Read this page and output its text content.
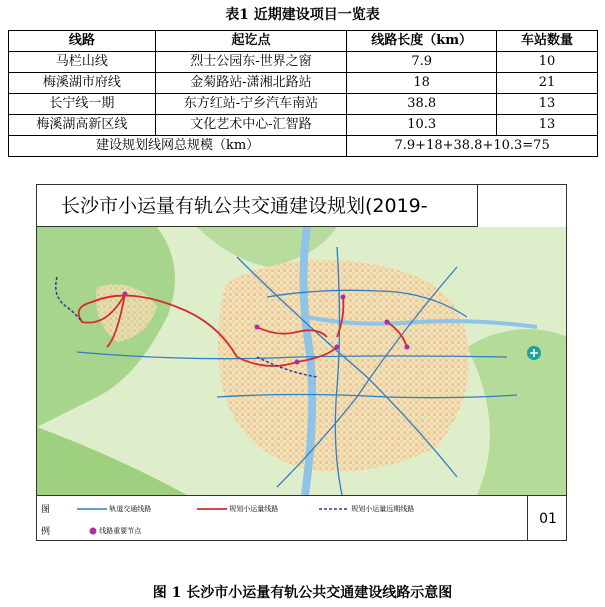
表1 近期建设项目一览表
线路	起讫点	线路长度（km）	车站数量
马栏山线	烈士公园东-世界之窗	7.9	10
梅溪湖市府线	金菊路站-潇湘北路站	18	21
长宁线一期	东方红站-宁乡汽车南站	38.8	13
梅溪湖高新区线	文化艺术中心-汇智路	10.3	13
建设规划线网总规模（km）		7.9+18+38.8+10.3=75	
长沙市小运量有轨公共交通建设规划(2019-
图
例
轨道交通线路	规划小运量线路	规划小运量远期线路
线路重要节点
01
图 1 长沙市小运量有轨公共交通建设线路示意图
